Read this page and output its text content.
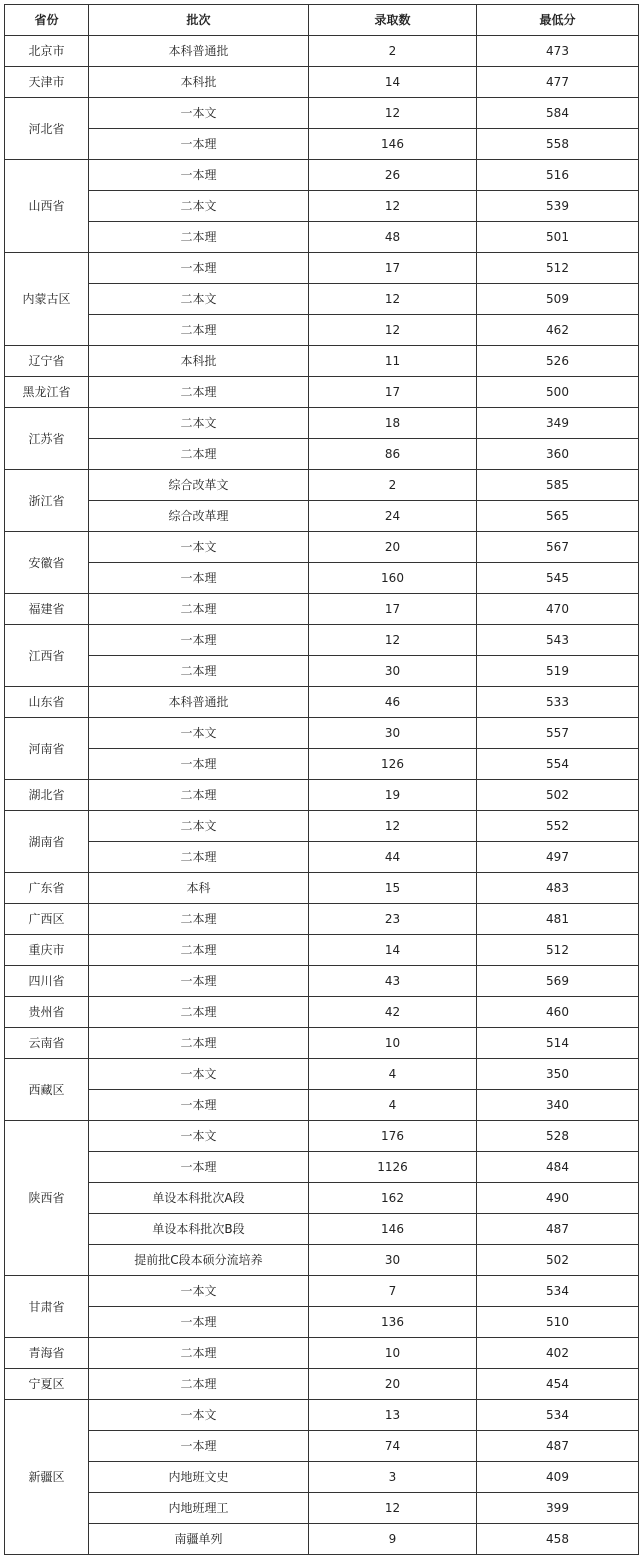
省份	批次	录取数	最低分
北京市	本科普通批	2	473
天津市	本科批	14	477
河北省	一本文	12	584
	一本理	146	558
山西省	一本理	26	516
	二本文	12	539
	二本理	48	501
内蒙古区	一本理	17	512
	二本文	12	509
	二本理	12	462
辽宁省	本科批	11	526
黑龙江省	二本理	17	500
江苏省	二本文	18	349
	二本理	86	360
浙江省	综合改革文	2	585
	综合改革理	24	565
安徽省	一本文	20	567
	一本理	160	545
福建省	二本理	17	470
江西省	一本理	12	543
	二本理	30	519
山东省	本科普通批	46	533
河南省	一本文	30	557
	一本理	126	554
湖北省	二本理	19	502
湖南省	二本文	12	552
	二本理	44	497
广东省	本科	15	483
广西区	二本理	23	481
重庆市	二本理	14	512
四川省	一本理	43	569
贵州省	二本理	42	460
云南省	二本理	10	514
西藏区	一本文	4	350
	一本理	4	340
陕西省	一本文	176	528
	一本理	1126	484
	单设本科批次A段	162	490
	单设本科批次B段	146	487
	提前批C段本硕分流培养	30	502
甘肃省	一本文	7	534
	一本理	136	510
青海省	二本理	10	402
宁夏区	二本理	20	454
新疆区	一本文	13	534
	一本理	74	487
	内地班文史	3	409
	内地班理工	12	399
	南疆单列	9	458
